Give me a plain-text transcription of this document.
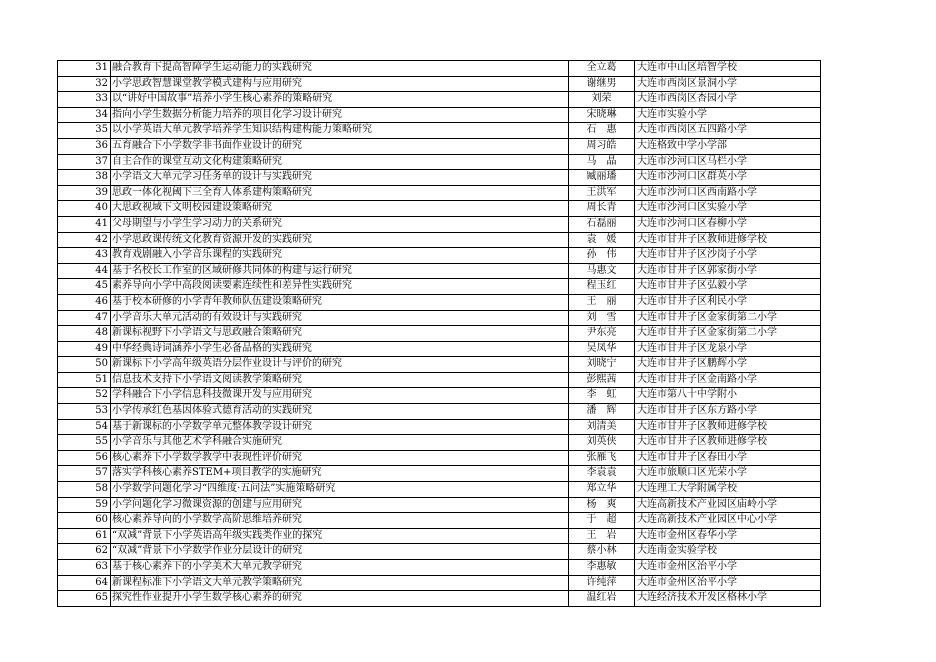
31	融合教育下提高智障学生运动能力的实践研究	全立葛	大连市中山区培智学校
32	小学思政智慧课堂教学模式建构与应用研究	谢继男	大连市西岗区景洞小学
33	以“讲好中国故事”培养小学生核心素养的策略研究	刘荣	大连市西岗区杏园小学
34	指向小学生数据分析能力培养的项目化学习设计研究	宋晓琳	大连市实验小学
35	以小学英语大单元教学培养学生知识结构建构能力策略研究	石　惠	大连市西岗区五四路小学
36	五育融合下小学数学非书面作业设计的研究	周习皓	大连格致中学小学部
37	自主合作的课堂互动文化构建策略研究	马　晶	大连市沙河口区马栏小学
38	小学语文大单元学习任务单的设计与实践研究	臧丽璠	大连市沙河口区群英小学
39	思政一体化视阈下三全育人体系建构策略研究	王洪军	大连市沙河口区西南路小学
40	大思政视域下文明校园建设策略研究	周长青	大连市沙河口区实验小学
41	父母期望与小学生学习动力的关系研究	石磊丽	大连市沙河口区春柳小学
42	小学思政课传统文化教育资源开发的实践研究	袁　媛	大连市甘井子区教师进修学校
43	教育戏剧融入小学音乐课程的实践研究	孙　伟	大连市甘井子区沙岗子小学
44	基于名校长工作室的区域研修共同体的构建与运行研究	马惠文	大连市甘井子区郭家街小学
45	素养导向小学中高段阅读要素连续性和差异性实践研究	程玉红	大连市甘井子区弘毅小学
46	基于校本研修的小学青年教师队伍建设策略研究	王　丽	大连市甘井子区利民小学
47	小学音乐大单元活动的有效设计与实践研究	刘　雪	大连市甘井子区金家街第二小学
48	新课标视野下小学语文与思政融合策略研究	尹东亮	大连市甘井子区金家街第二小学
49	中华经典诗词涵养小学生必备品格的实践研究	吴凤华	大连市甘井子区龙泉小学
50	新课标下小学高年级英语分层作业设计与评价的研究	刘晓宁	大连市甘井子区鹏辉小学
51	信息技术支持下小学语文阅读教学策略研究	彭熙茜	大连市甘井子区金南路小学
52	学科融合下小学信息科技微课开发与应用研究	李　虹	大连市第八十中学附小
53	小学传承红色基因体验式德育活动的实践研究	潘　辉	大连市甘井子区东方路小学
54	基于新课标的小学数学单元整体教学设计研究	刘清美	大连市甘井子区教师进修学校
55	小学音乐与其他艺术学科融合实施研究	刘英侠	大连市甘井子区教师进修学校
56	核心素养下小学数学教学中表现性评价研究	张雁飞	大连市甘井子区春田小学
57	落实学科核心素养STEM+项目教学的实施研究	李袁袁	大连市旅顺口区光荣小学
58	小学数学问题化学习“四维度·五问法”实施策略研究	郑立华	大连理工大学附属学校
59	小学问题化学习微课资源的创建与应用研究	杨　爽	大连高新技术产业园区庙岭小学
60	核心素养导向的小学数学高阶思维培养研究	于　超	大连高新技术产业园区中心小学
61	“双减”背景下小学英语高年级实践类作业的探究	王　岩	大连市金州区春华小学
62	“双减”背景下小学数学作业分层设计的研究	蔡小林	大连南金实验学校
63	基于核心素养下的小学美术大单元教学研究	李惠敏	大连市金州区治平小学
64	新课程标准下小学语文大单元教学策略研究	许纯萍	大连市金州区治平小学
65	探究性作业提升小学生数学核心素养的研究	温红岩	大连经济技术开发区格林小学
